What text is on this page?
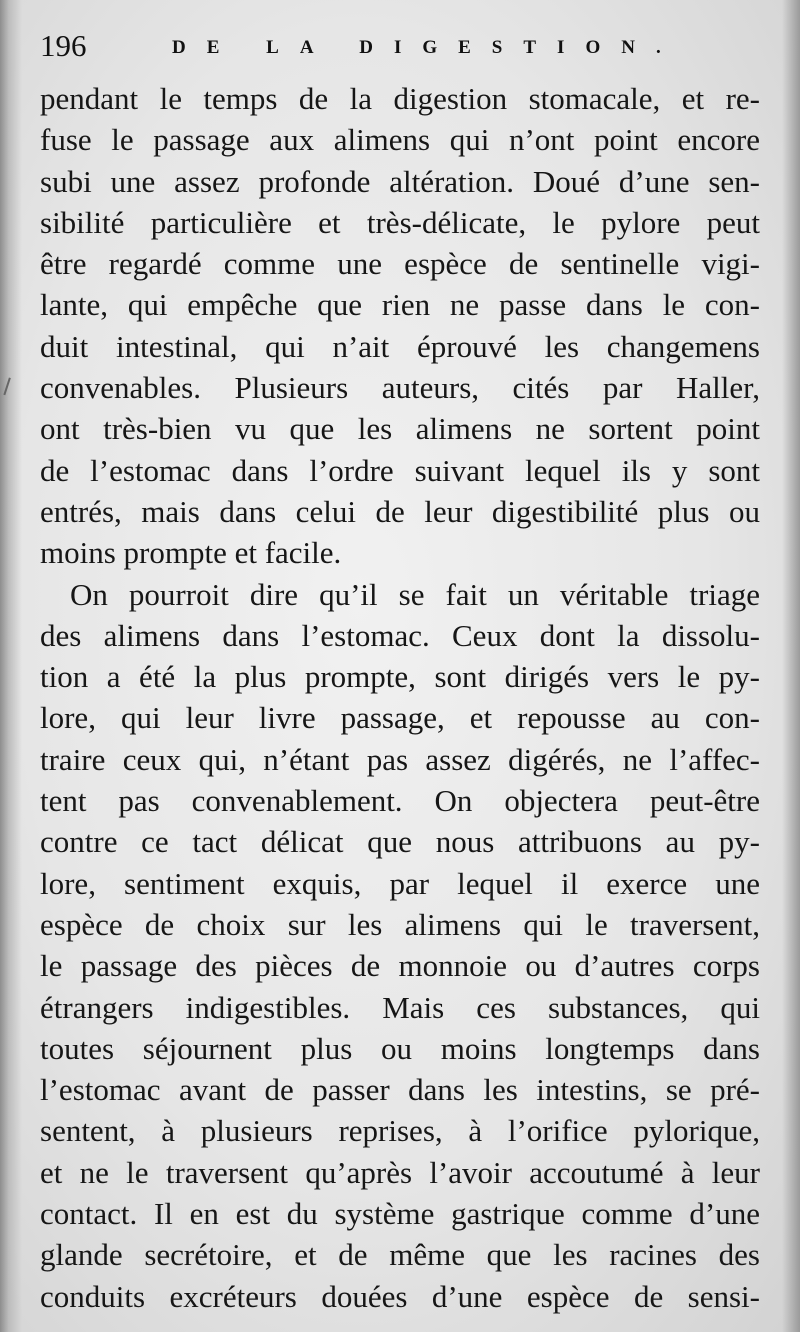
196	DE LA DIGESTION.
pendant le temps de la digestion stomacale, et re-
fuse le passage aux alimens qui n’ont point encore
subi une assez profonde altération. Doué d’une sen-
sibilité particulière et très-délicate, le pylore peut
être regardé comme une espèce de sentinelle vigi-
lante, qui empêche que rien ne passe dans le con-
duit intestinal, qui n’ait éprouvé les changemens
convenables. Plusieurs auteurs, cités par Haller,
ont très-bien vu que les alimens ne sortent point
de l’estomac dans l’ordre suivant lequel ils y sont
entrés, mais dans celui de leur digestibilité plus ou
moins prompte et facile.
On pourroit dire qu’il se fait un véritable triage
des alimens dans l’estomac. Ceux dont la dissolu-
tion a été la plus prompte, sont dirigés vers le py-
lore, qui leur livre passage, et repousse au con-
traire ceux qui, n’étant pas assez digérés, ne l’affec-
tent pas convenablement. On objectera peut-être
contre ce tact délicat que nous attribuons au py-
lore, sentiment exquis, par lequel il exerce une
espèce de choix sur les alimens qui le traversent,
le passage des pièces de monnoie ou d’autres corps
étrangers indigestibles. Mais ces substances, qui
toutes séjournent plus ou moins longtemps dans
l’estomac avant de passer dans les intestins, se pré-
sentent, à plusieurs reprises, à l’orifice pylorique,
et ne le traversent qu’après l’avoir accoutumé à leur
contact. Il en est du système gastrique comme d’une
glande secrétoire, et de même que les racines des
conduits excréteurs douées d’une espèce de sensi-
